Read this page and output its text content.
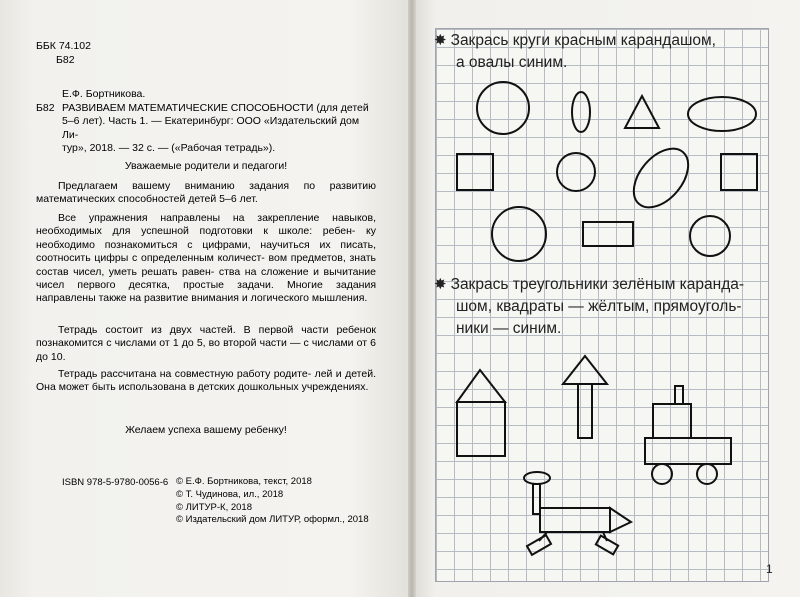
ББК 74.102
Б82
Е.Ф. Бортникова.
Б82 РАЗВИВАЕМ МАТЕМАТИЧЕСКИЕ СПОСОБНОСТИ (для детей
5–6 лет). Часть 1. — Екатеринбург: ООО «Издательский дом Ли-
тур», 2018. — 32 с. — («Рабочая тетрадь»).
Уважаемые родители и педагоги!
Предлагаем вашему вниманию задания по развитию математических способностей детей 5–6 лет.
Все упражнения направлены на закрепление навыков, необходимых для успешной подготовки к школе: ребен- ку необходимо познакомиться с цифрами, научиться их писать, соотносить цифры с определенным количест- вом предметов, знать состав чисел, уметь решать равен- ства на сложение и вычитание чисел первого десятка, простые задачи. Многие задания направлены также на развитие внимания и логического мышления.
Тетрадь состоит из двух частей. В первой части ребенок познакомится с числами от 1 до 5, во второй части — с числами от 6 до 10.
Тетрадь рассчитана на совместную работу родите- лей и детей. Она может быть использована в детских дошкольных учреждениях.
Желаем успеха вашему ребенку!
ISBN 978-5-9780-0056-6 © Е.Ф. Бортникова, текст, 2018
© Т. Чудинова, ил., 2018
© ЛИТУР-К, 2018
© Издательский дом ЛИТУР, оформл., 2018
✸ Закрась круги красным карандашом,
а овалы синим.
✸ Закрась треугольники зелёным каранда-
шом, квадраты — жёлтым, прямоуголь-
ники — синим.
1
